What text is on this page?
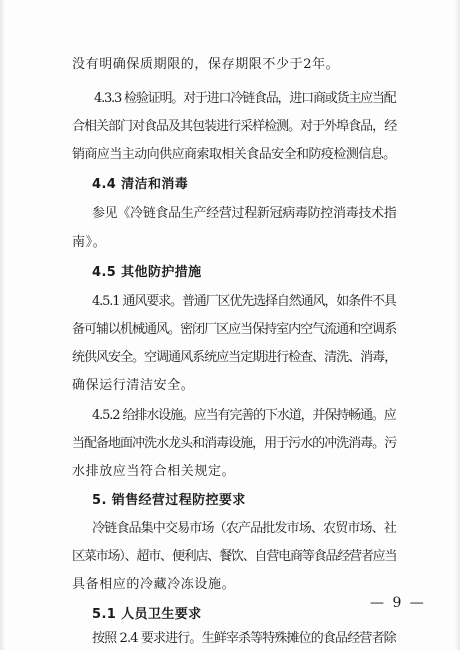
没有明确保质期限的，保存期限不少于2年。
4.3.3 检验证明。对于进口冷链食品，进口商或货主应当配
合相关部门对食品及其包装进行采样检测。对于外埠食品，经
销商应当主动向供应商索取相关食品安全和防疫检测信息。
4.4 清洁和消毒
参见《冷链食品生产经营过程新冠病毒防控消毒技术指
南》。
4.5 其他防护措施
4.5.1 通风要求。普通厂区优先选择自然通风，如条件不具
备可辅以机械通风。密闭厂区应当保持室内空气流通和空调系
统供风安全。空调通风系统应当定期进行检查、清洗、消毒，
确保运行清洁安全。
4.5.2 给排水设施。应当有完善的下水道，并保持畅通。应
当配备地面冲洗水龙头和消毒设施，用于污水的冲洗消毒。污
水排放应当符合相关规定。
5. 销售经营过程防控要求
冷链食品集中交易市场（农产品批发市场、农贸市场、社
区菜市场）、超市、便利店、餐饮、自营电商等食品经营者应当
具备相应的冷藏冷冻设施。
5.1 人员卫生要求
按照 2.4 要求进行。生鲜宰杀等特殊摊位的食品经营者除
— 9 —
